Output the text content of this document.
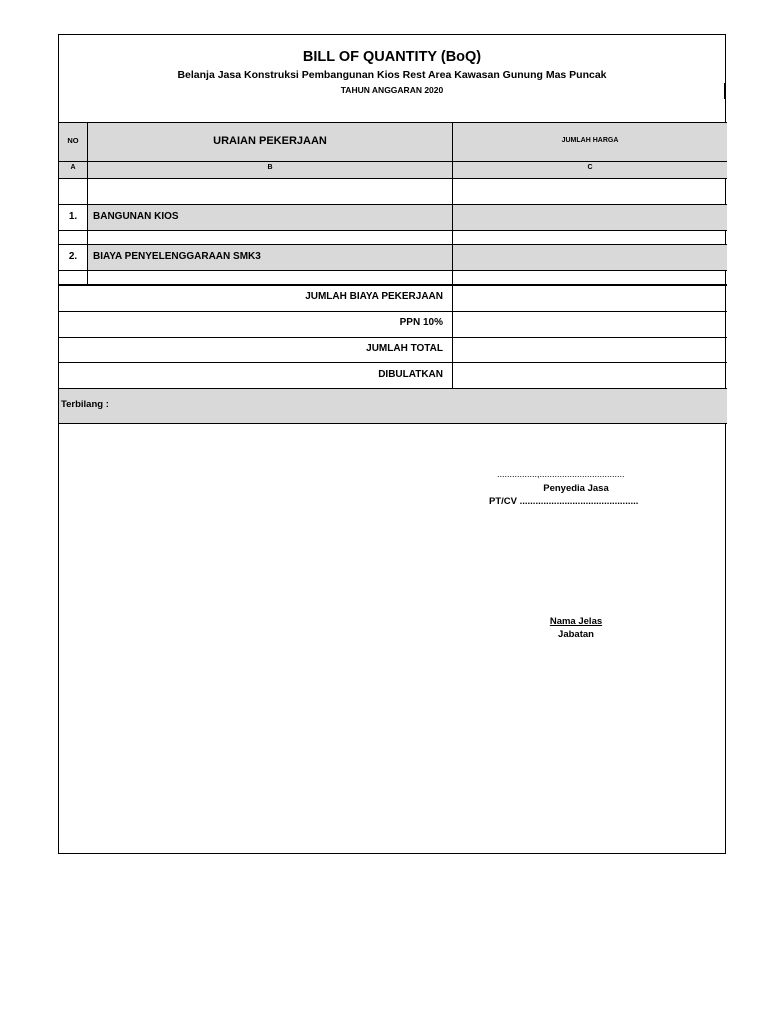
BILL OF QUANTITY (BoQ)
Belanja Jasa Konstruksi Pembangunan Kios Rest Area Kawasan Gunung Mas Puncak
TAHUN ANGGARAN 2020
NO	URAIAN PEKERJAAN	JUMLAH HARGA
A	B	C
1.	BANGUNAN KIOS
2.	BIAYA PENYELENGGARAAN SMK3
JUMLAH BIAYA PEKERJAAN
PPN 10%
JUMLAH TOTAL
DIBULATKAN
Terbilang :
................,..................................
Penyedia Jasa
PT/CV .............................................
Nama Jelas
Jabatan
